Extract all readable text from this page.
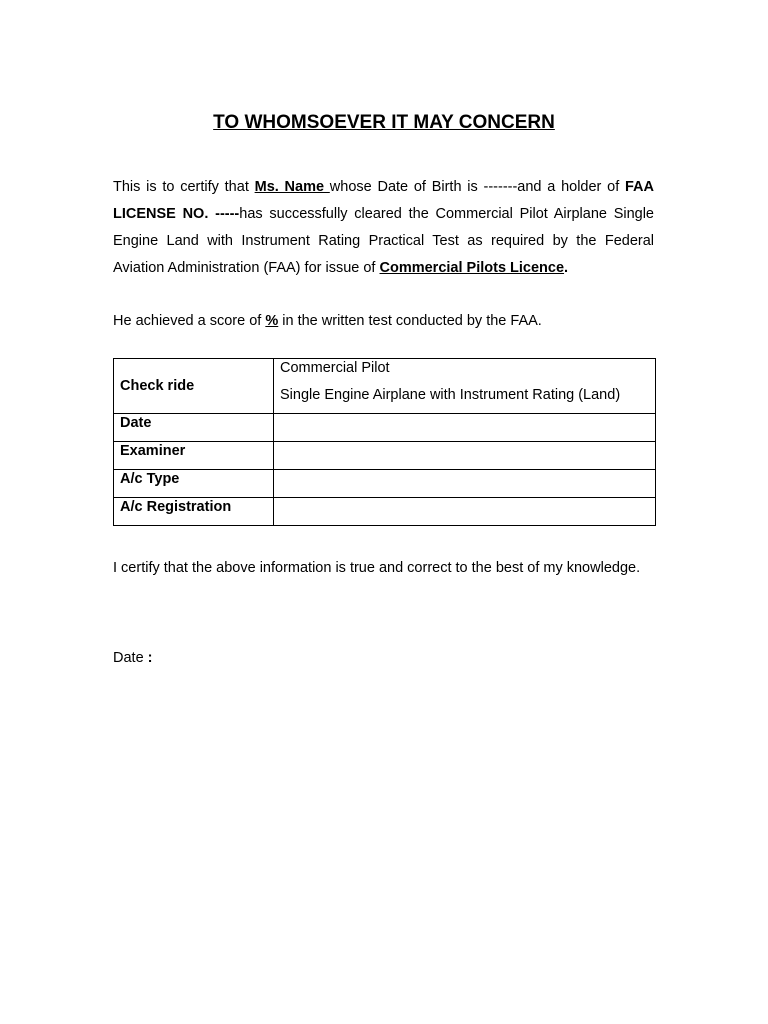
TO WHOMSOEVER IT MAY CONCERN
This is to certify that Ms. Name whose Date of Birth is -------and a holder of FAA LICENSE NO. -----has successfully cleared the Commercial Pilot Airplane Single Engine Land with Instrument Rating Practical Test as required by the Federal Aviation Administration (FAA) for issue of Commercial Pilots Licence.
He achieved a score of % in the written test conducted by the FAA.
Check ride	Commercial Pilot
Single Engine Airplane with Instrument Rating (Land)

Date	
Examiner	
A/c Type	
A/c Registration	
I certify that the above information is true and correct to the best of my knowledge.
Date :
